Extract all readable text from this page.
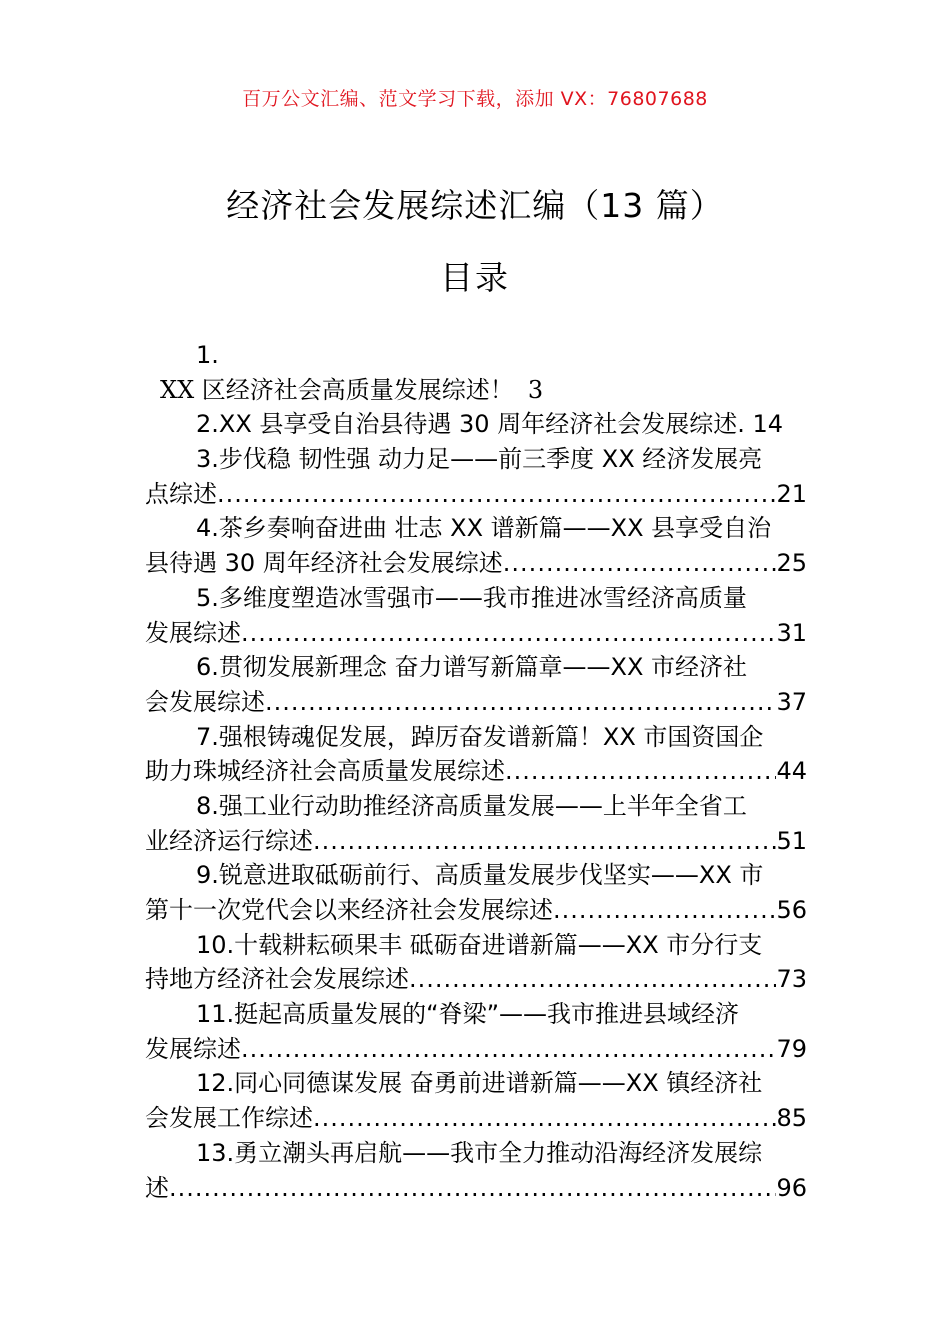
百万公文汇编、范文学习下载，添加 VX：76807688
经济社会发展综述汇编（13 篇）
目录
1.
XX 区经济社会高质量发展综述！ 3
2.XX 县享受自治县待遇 30 周年经济社会发展综述. 14
3.步伐稳 韧性强 动力足——前三季度 XX 经济发展亮
点综述 .....	21
4.茶乡奏响奋进曲 壮志 XX 谱新篇——XX 县享受自治
县待遇 30 周年经济社会发展综述 .....	25
5.多维度塑造冰雪强市——我市推进冰雪经济高质量
发展综述 .....	31
6.贯彻发展新理念 奋力谱写新篇章——XX 市经济社
会发展综述 .....	37
7.强根铸魂促发展，踔厉奋发谱新篇！XX 市国资国企
助力珠城经济社会高质量发展综述 .....	44
8.强工业行动助推经济高质量发展——上半年全省工
业经济运行综述 .....	51
9.锐意进取砥砺前行、高质量发展步伐坚实——XX 市
第十一次党代会以来经济社会发展综述 .....	56
10.十载耕耘硕果丰 砥砺奋进谱新篇——XX 市分行支
持地方经济社会发展综述 .....	73
11.挺起高质量发展的“脊梁”——我市推进县域经济
发展综述 .....	79
12.同心同德谋发展 奋勇前进谱新篇——XX 镇经济社
会发展工作综述 .....	85
13.勇立潮头再启航——我市全力推动沿海经济发展综
述 .....	96
